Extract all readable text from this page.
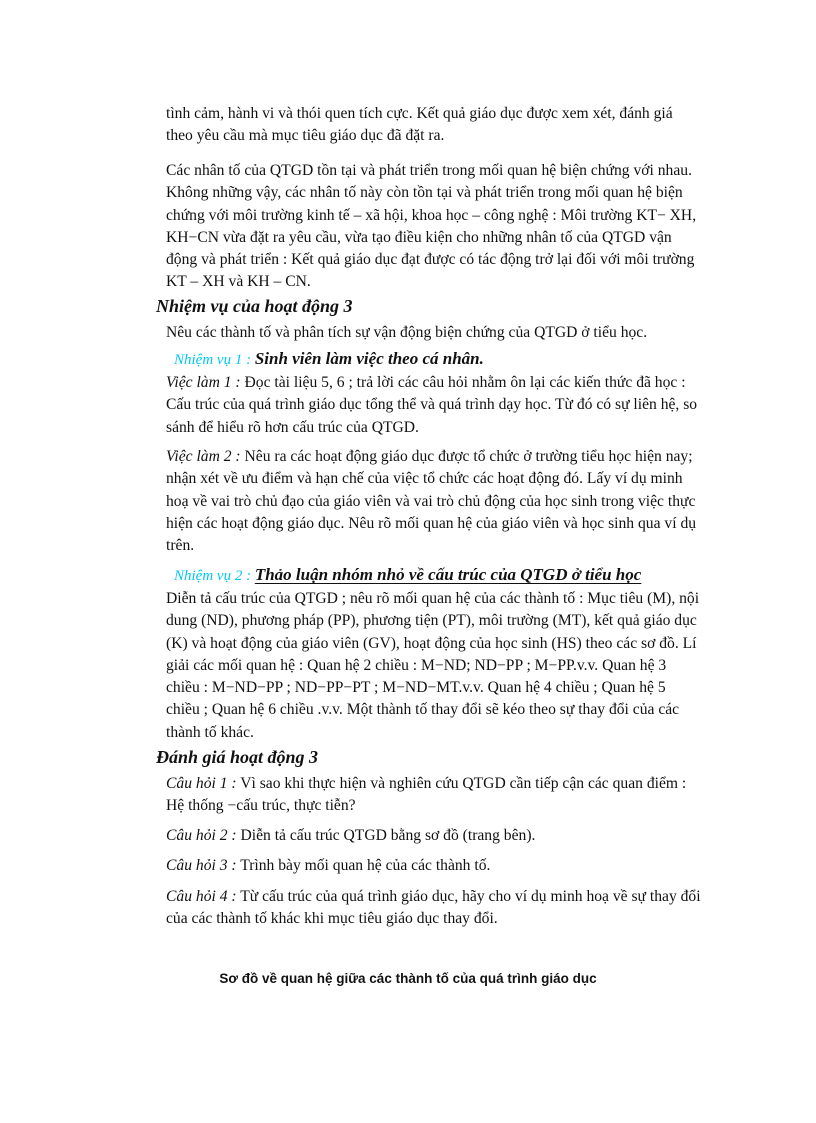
tình cảm, hành vi và thói quen tích cực. Kết quả giáo dục được xem xét, đánh giá
theo yêu cầu mà mục tiêu giáo dục đã đặt ra.

Các nhân tố của QTGD tồn tại và phát triển trong mối quan hệ biện chứng với nhau.
Không những vậy, các nhân tố này còn tồn tại và phát triển trong mối quan hệ biện
chứng với môi trường kinh tế – xã hội, khoa học – công nghệ : Môi trường KT− XH,
KH−CN vừa đặt ra yêu cầu, vừa tạo điều kiện cho những nhân tố của QTGD vận
động và phát triển : Kết quả giáo dục đạt được có tác động trở lại đối với môi trường
KT – XH và KH – CN.

Nhiệm vụ của hoạt động 3

Nêu các thành tố và phân tích sự vận động biện chứng của QTGD ở tiểu học.

Nhiệm vụ 1 : Sinh viên làm việc theo cá nhân.

Việc làm 1 : Đọc tài liệu 5, 6 ; trả lời các câu hỏi nhằm ôn lại các kiến thức đã học :
Cấu trúc của quá trình giáo dục tổng thể và quá trình dạy học. Từ đó có sự liên hệ, so
sánh để hiểu rõ hơn cấu trúc của QTGD.

Việc làm 2 : Nêu ra các hoạt động giáo dục được tổ chức ở trường tiểu học hiện nay;
nhận xét về ưu điểm và hạn chế của việc tổ chức các hoạt động đó. Lấy ví dụ minh
hoạ về vai trò chủ đạo của giáo viên và vai trò chủ động của học sinh trong việc thực
hiện các hoạt động giáo dục. Nêu rõ mối quan hệ của giáo viên và học sinh qua ví dụ
trên.

Nhiệm vụ 2 : Thảo luận nhóm nhỏ về cấu trúc của QTGD ở tiểu học

Diễn tả cấu trúc của QTGD ; nêu rõ mối quan hệ của các thành tố : Mục tiêu (M), nội
dung (ND), phương pháp (PP), phương tiện (PT), môi trường (MT), kết quả giáo dục
(K) và hoạt động của giáo viên (GV), hoạt động của học sinh (HS) theo các sơ đồ. Lí
giải các mối quan hệ : Quan hệ 2 chiều : M−ND; ND−PP ; M−PP.v.v. Quan hệ 3
chiều : M−ND−PP ; ND−PP−PT ; M−ND−MT.v.v. Quan hệ 4 chiều ; Quan hệ 5
chiều ; Quan hệ 6 chiều .v.v. Một thành tố thay đổi sẽ kéo theo sự thay đổi của các
thành tố khác.

Đánh giá hoạt động 3

Câu hỏi 1 : Vì sao khi thực hiện và nghiên cứu QTGD cần tiếp cận các quan điểm :
Hệ thống −cấu trúc, thực tiễn?

Câu hỏi 2 : Diễn tả cấu trúc QTGD bằng sơ đồ (trang bên).

Câu hỏi 3 : Trình bày mối quan hệ của các thành tố.

Câu hỏi 4 : Từ cấu trúc của quá trình giáo dục, hãy cho ví dụ minh hoạ về sự thay đổi
của các thành tố khác khi mục tiêu giáo dục thay đổi.

Sơ đồ về quan hệ giữa các thành tố của quá trình giáo dục
